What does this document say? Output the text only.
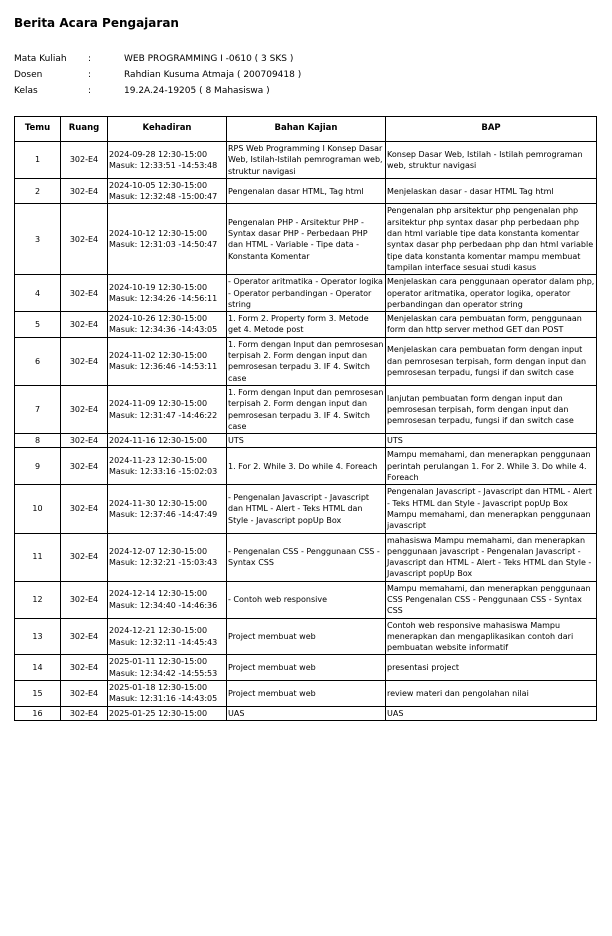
Berita Acara Pengajaran
Mata Kuliah	:	WEB PROGRAMMING I -0610 ( 3 SKS )
Dosen	:	Rahdian Kusuma Atmaja ( 200709418 )
Kelas	:	19.2A.24-19205 ( 8 Mahasiswa )
Temu	Ruang	Kehadiran	Bahan Kajian	BAP
1	302-E4	2024-09-28 12:30-15:00 Masuk: 12:33:51 -14:53:48	RPS Web Programming I Konsep Dasar Web, Istilah-Istilah pemrograman web, struktur navigasi	Konsep Dasar Web, Istilah - Istilah pemrograman web, struktur navigasi
2	302-E4	2024-10-05 12:30-15:00 Masuk: 12:32:48 -15:00:47	Pengenalan dasar HTML, Tag html	Menjelaskan dasar - dasar HTML Tag html
3	302-E4	2024-10-12 12:30-15:00 Masuk: 12:31:03 -14:50:47	Pengenalan PHP - Arsitektur PHP - Syntax dasar PHP - Perbedaan PHP dan HTML - Variable - Tipe data - Konstanta Komentar	Pengenalan php arsitektur php pengenalan php arsitektur php syntax dasar php perbedaan php dan html variable tipe data konstanta komentar syntax dasar php perbedaan php dan html variable tipe data konstanta komentar mampu membuat tampilan interface sesuai studi kasus
4	302-E4	2024-10-19 12:30-15:00 Masuk: 12:34:26 -14:56:11	- Operator aritmatika - Operator logika - Operator perbandingan - Operator string	Menjelaskan cara penggunaan operator dalam php, operator aritmatika, operator logika, operator perbandingan dan operator string
5	302-E4	2024-10-26 12:30-15:00 Masuk: 12:34:36 -14:43:05	1. Form 2. Property form 3. Metode get 4. Metode post	Menjelaskan cara pembuatan form, penggunaan form dan http server method GET dan POST
6	302-E4	2024-11-02 12:30-15:00 Masuk: 12:36:46 -14:53:11	1. Form dengan Input dan pemrosesan terpisah 2. Form dengan input dan pemrosesan terpadu 3. IF 4. Switch case	Menjelaskan cara pembuatan form dengan input dan pemrosesan terpisah, form dengan input dan pemrosesan terpadu, fungsi if dan switch case
7	302-E4	2024-11-09 12:30-15:00 Masuk: 12:31:47 -14:46:22	1. Form dengan Input dan pemrosesan terpisah 2. Form dengan input dan pemrosesan terpadu 3. IF 4. Switch case	lanjutan pembuatan form dengan input dan pemrosesan terpisah, form dengan input dan pemrosesan terpadu, fungsi if dan switch case
8	302-E4	2024-11-16 12:30-15:00	UTS	UTS
9	302-E4	2024-11-23 12:30-15:00 Masuk: 12:33:16 -15:02:03	1. For 2. While 3. Do while 4. Foreach	Mampu memahami, dan menerapkan penggunaan perintah perulangan 1. For 2. While 3. Do while 4. Foreach
10	302-E4	2024-11-30 12:30-15:00 Masuk: 12:37:46 -14:47:49	- Pengenalan Javascript - Javascript dan HTML - Alert - Teks HTML dan Style - Javascript popUp Box	Pengenalan Javascript - Javascript dan HTML - Alert - Teks HTML dan Style - Javascript popUp Box Mampu memahami, dan menerapkan penggunaan javascript
11	302-E4	2024-12-07 12:30-15:00 Masuk: 12:32:21 -15:03:43	- Pengenalan CSS - Penggunaan CSS - Syntax CSS	mahasiswa Mampu memahami, dan menerapkan penggunaan javascript - Pengenalan Javascript - Javascript dan HTML - Alert - Teks HTML dan Style - Javascript popUp Box
12	302-E4	2024-12-14 12:30-15:00 Masuk: 12:34:40 -14:46:36	- Contoh web responsive	Mampu memahami, dan menerapkan penggunaan CSS Pengenalan CSS - Penggunaan CSS - Syntax CSS
13	302-E4	2024-12-21 12:30-15:00 Masuk: 12:32:11 -14:45:43	Project membuat web	Contoh web responsive mahasiswa Mampu menerapkan dan mengaplikasikan contoh dari pembuatan website informatif
14	302-E4	2025-01-11 12:30-15:00 Masuk: 12:34:42 -14:55:53	Project membuat web	presentasi project
15	302-E4	2025-01-18 12:30-15:00 Masuk: 12:31:16 -14:43:05	Project membuat web	review materi dan pengolahan nilai
16	302-E4	2025-01-25 12:30-15:00	UAS	UAS
